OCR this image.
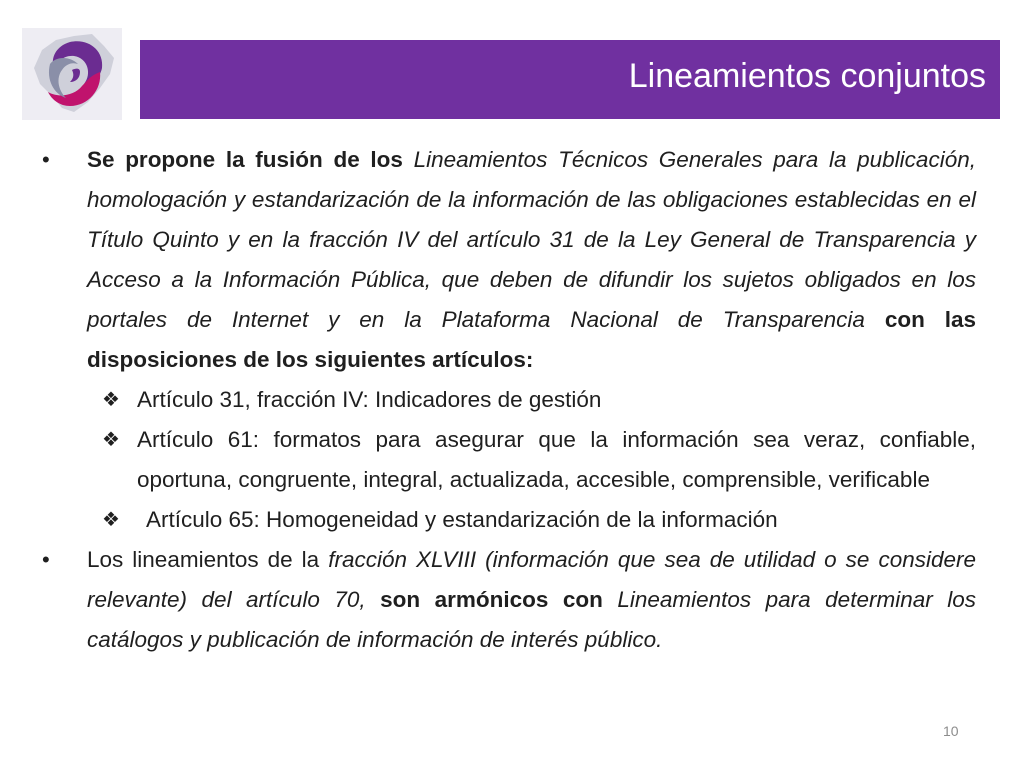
Lineamientos conjuntos
• Se propone la fusión de los Lineamientos Técnicos Generales para la publicación, homologación y estandarización de la información de las obligaciones establecidas en el Título Quinto y en la fracción IV del artículo 31 de la Ley General de Transparencia y Acceso a la Información Pública, que deben de difundir los sujetos obligados en los portales de Internet y en la Plataforma Nacional de Transparencia con las disposiciones de los siguientes artículos:
❖ Artículo 31, fracción IV: Indicadores de gestión
❖ Artículo 61: formatos para asegurar que la información sea veraz, confiable, oportuna, congruente, integral, actualizada, accesible, comprensible, verificable
❖ Artículo 65: Homogeneidad y estandarización de la información
• Los lineamientos de la fracción XLVIII (información que sea de utilidad o se considere relevante) del artículo 70, son armónicos con Lineamientos para determinar los catálogos y publicación de información de interés público.
10
